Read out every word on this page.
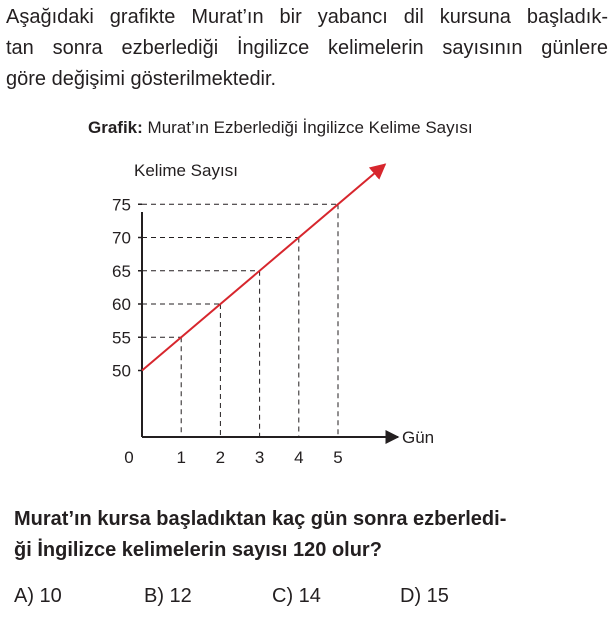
Aşağıdaki grafikte Murat’ın bir yabancı dil kursuna başladık-
tan sonra ezberlediği İngilizce kelimelerin sayısının günlere
göre değişimi gösterilmektedir.
Grafik: Murat’ın Ezberlediği İngilizce Kelime Sayısı
50
55
60
65
70
75
0	1 2 3 4 5
Kelime Sayısı
Gün
Murat’ın kursa başladıktan kaç gün sonra ezberledi-
ği İngilizce kelimelerin sayısı 120 olur?
A) 10	B) 12	C) 14	D) 15
